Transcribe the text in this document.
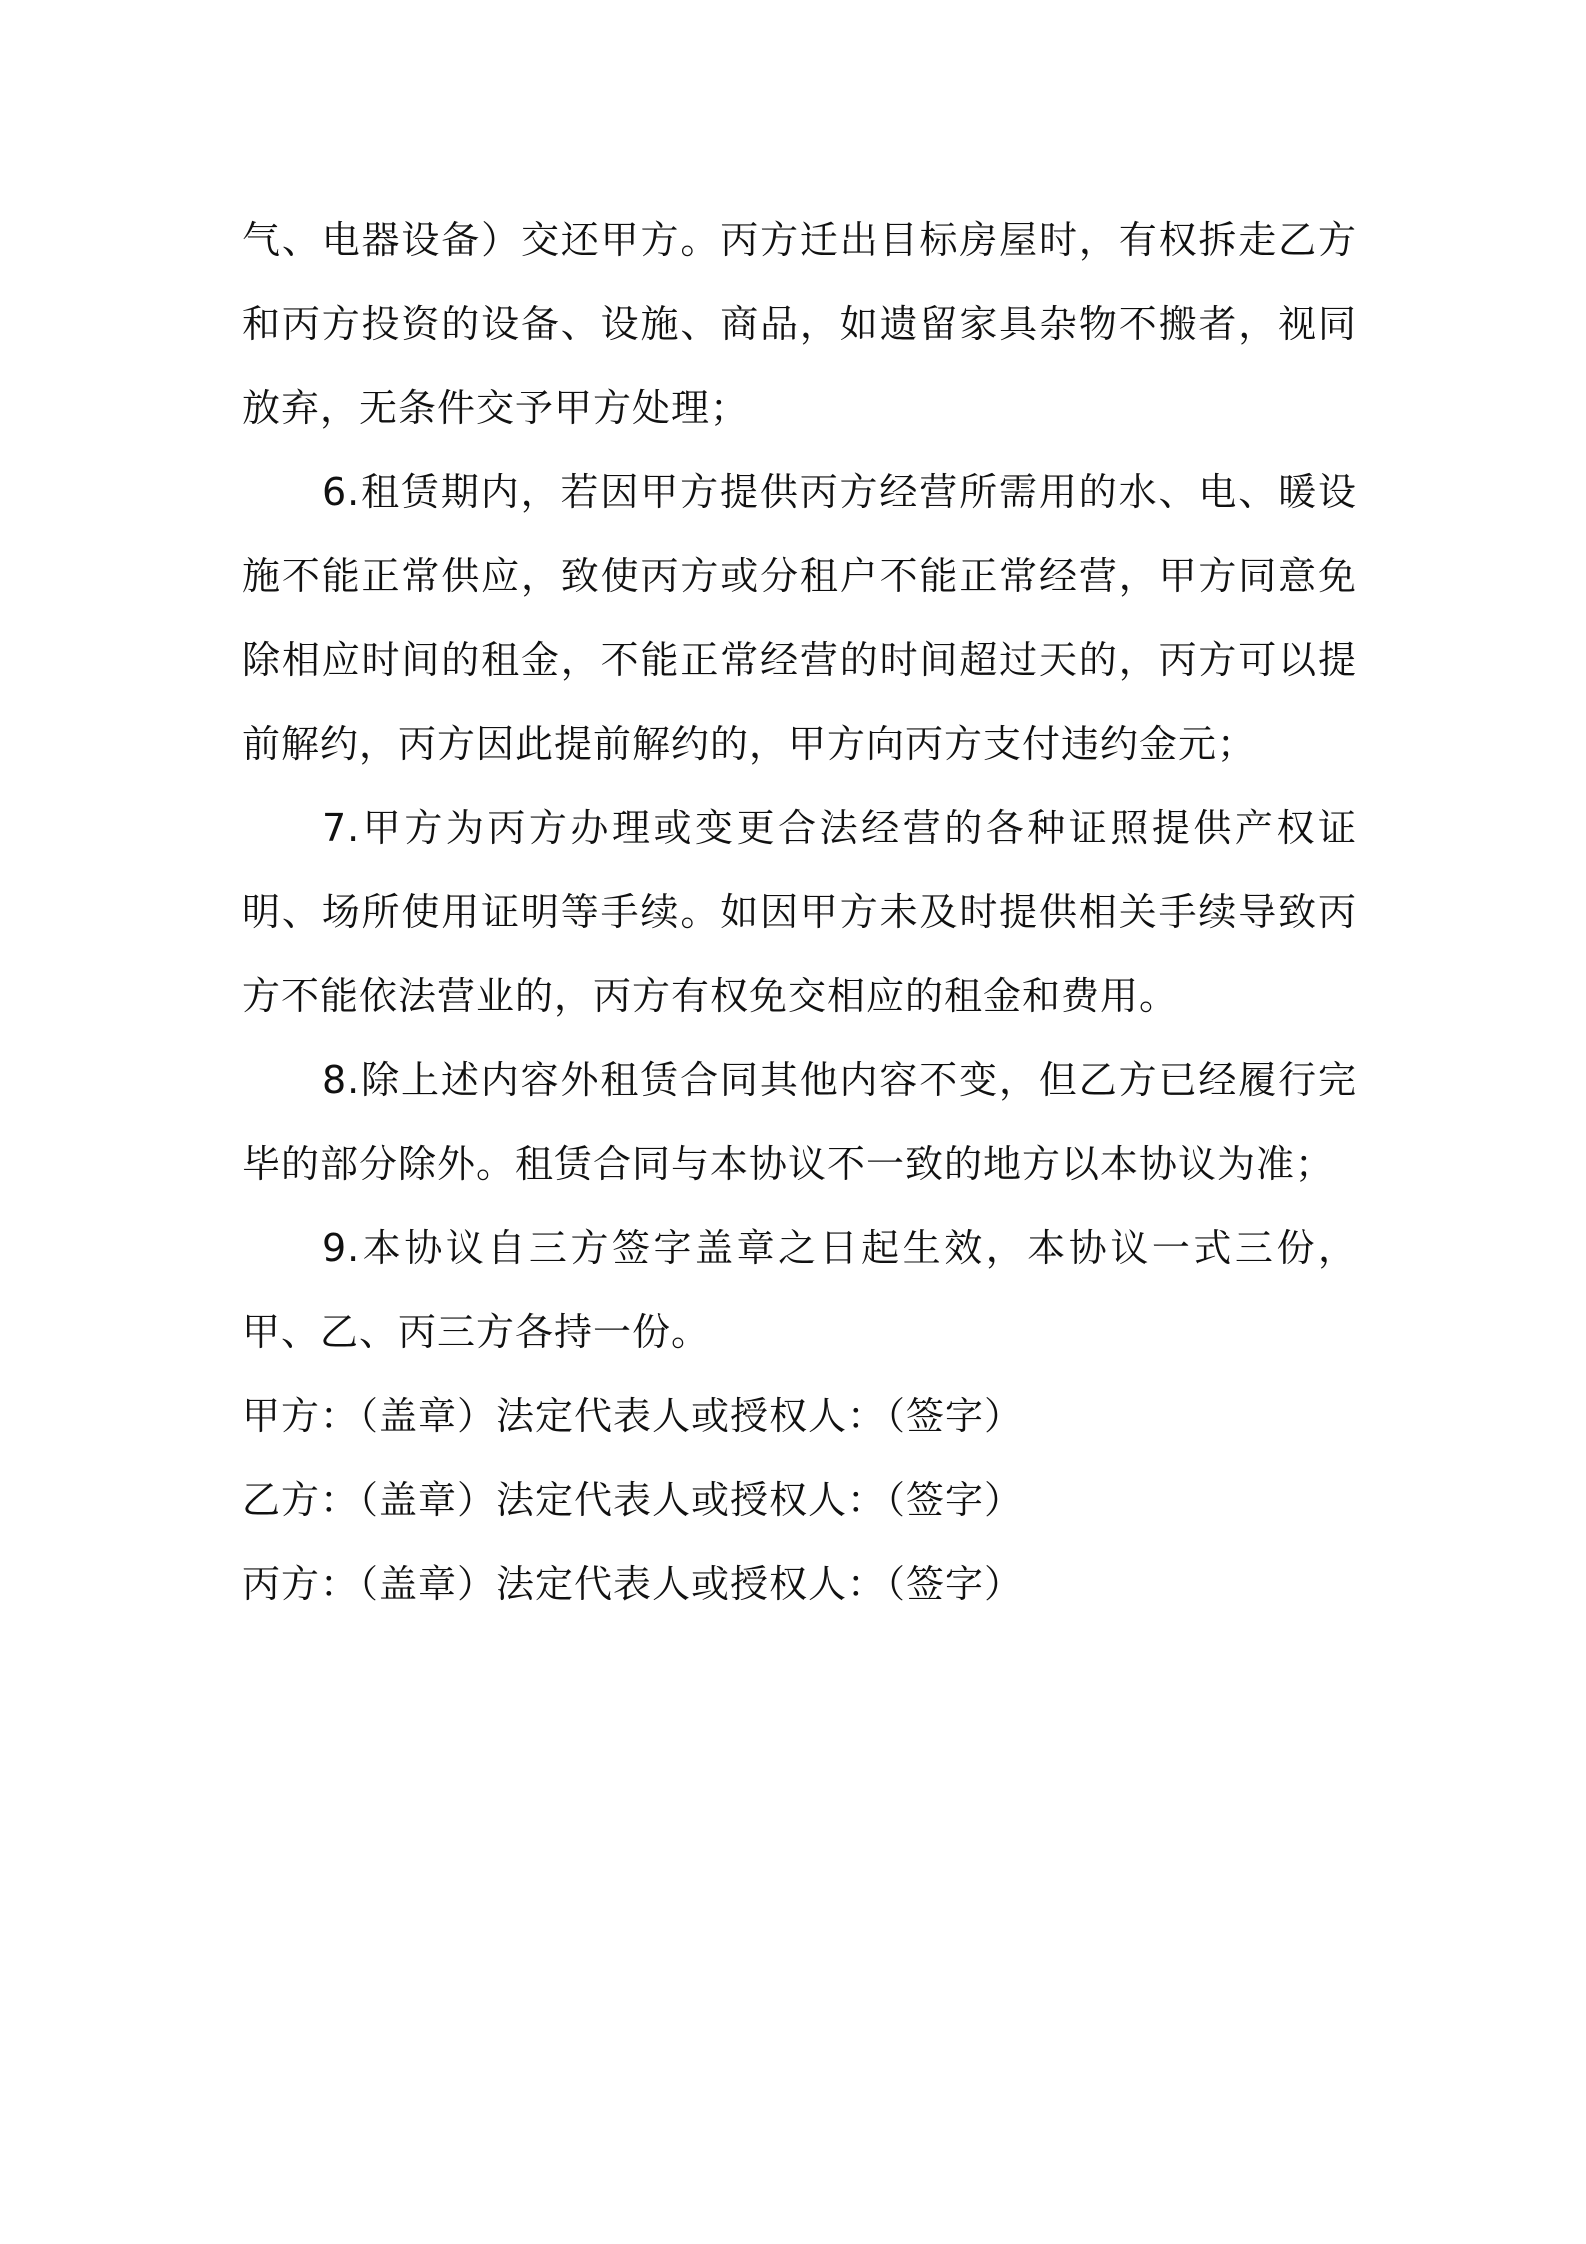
气、电器设备）交还甲方。丙方迁出目标房屋时，有权拆走乙方和丙方投资的设备、设施、商品，如遗留家具杂物不搬者，视同放弃，无条件交予甲方处理；

6.租赁期内，若因甲方提供丙方经营所需用的水、电、暖设施不能正常供应，致使丙方或分租户不能正常经营，甲方同意免除相应时间的租金，不能正常经营的时间超过天的，丙方可以提前解约，丙方因此提前解约的，甲方向丙方支付违约金元；

7.甲方为丙方办理或变更合法经营的各种证照提供产权证明、场所使用证明等手续。如因甲方未及时提供相关手续导致丙方不能依法营业的，丙方有权免交相应的租金和费用。

8.除上述内容外租赁合同其他内容不变，但乙方已经履行完毕的部分除外。租赁合同与本协议不一致的地方以本协议为准；

9.本协议自三方签字盖章之日起生效，本协议一式三份，甲、乙、丙三方各持一份。

甲方：（盖章）法定代表人或授权人：（签字）

乙方：（盖章）法定代表人或授权人：（签字）

丙方：（盖章）法定代表人或授权人：（签字）
